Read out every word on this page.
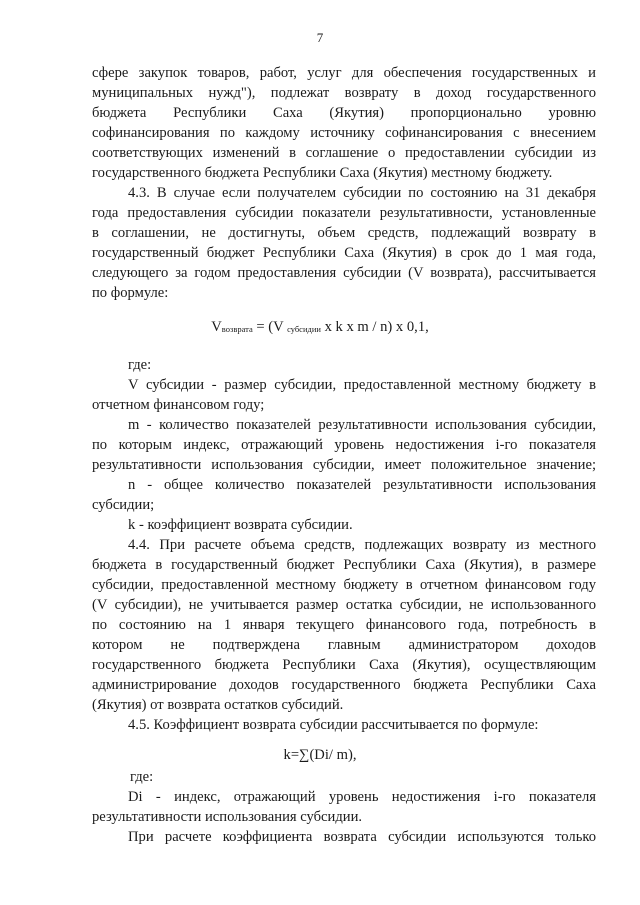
7
сфере закупок товаров, работ, услуг для обеспечения государственных и
муниципальных нужд"), подлежат возврату в доход государственного
бюджета Республики Саха (Якутия) пропорционально уровню
софинансирования по каждому источнику софинансирования с внесением
соответствующих изменений в соглашение о предоставлении субсидии из
государственного бюджета Республики Саха (Якутия) местному бюджету.
4.3. В случае если получателем субсидии по состоянию на 31 декабря
года предоставления субсидии показатели результативности, установленные
в соглашении, не достигнуты, объем средств, подлежащий возврату в
государственный бюджет Республики Саха (Якутия) в срок до 1 мая года,
следующего за годом предоставления субсидии (V возврата), рассчитывается
по формуле:
$V_{возврата} = (V$ $_{субсидии}$ x k x m / n) x 0,1,
где:
V субсидии - размер субсидии, предоставленной местному бюджету в
отчетном финансовом году;
m - количество показателей результативности использования субсидии,
по которым индекс, отражающий уровень недостижения i-го показателя
результативности использования субсидии, имеет положительное значение;
n - общее количество показателей результативности использования
субсидии;
k - коэффициент возврата субсидии.
4.4. При расчете объема средств, подлежащих возврату из местного
бюджета в государственный бюджет Республики Саха (Якутия), в размере
субсидии, предоставленной местному бюджету в отчетном финансовом году
(V субсидии), не учитывается размер остатка субсидии, не использованного
по состоянию на 1 января текущего финансового года, потребность в
котором не подтверждена главным администратором доходов
государственного бюджета Республики Саха (Якутия), осуществляющим
администрирование доходов государственного бюджета Республики Саха
(Якутия) от возврата остатков субсидий.
4.5. Коэффициент возврата субсидии рассчитывается по формуле:
k=∑(Di/ m),
где:
Di - индекс, отражающий уровень недостижения i-го показателя
результативности использования субсидии.
При расчете коэффициента возврата субсидии используются только
